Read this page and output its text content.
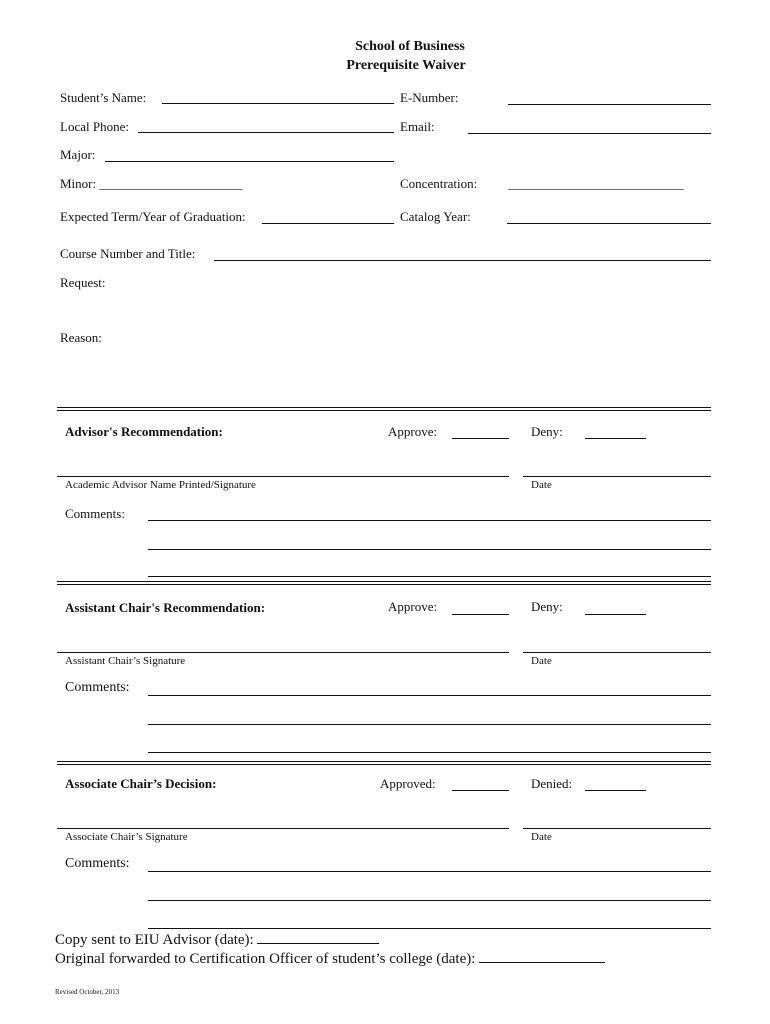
School of Business
Prerequisite Waiver
Student’s Name:	E-Number:
Local Phone:	Email:
Major:
Minor: ______________________	Concentration: ___________________________
Expected Term/Year of Graduation:	Catalog Year:
Course Number and Title:
Request:
Reason:
Advisor's Recommendation:	Approve:	Deny:
Academic Advisor Name Printed/Signature	Date
Comments:
Assistant Chair's Recommendation:	Approve:	Deny:
Assistant Chair’s Signature	Date
Comments:
Associate Chair’s Decision:	Approved:	Denied:
Associate Chair’s Signature	Date
Comments:
Copy sent to EIU Advisor (date):
Original forwarded to Certification Officer of student’s college (date):
Revised October, 2013
